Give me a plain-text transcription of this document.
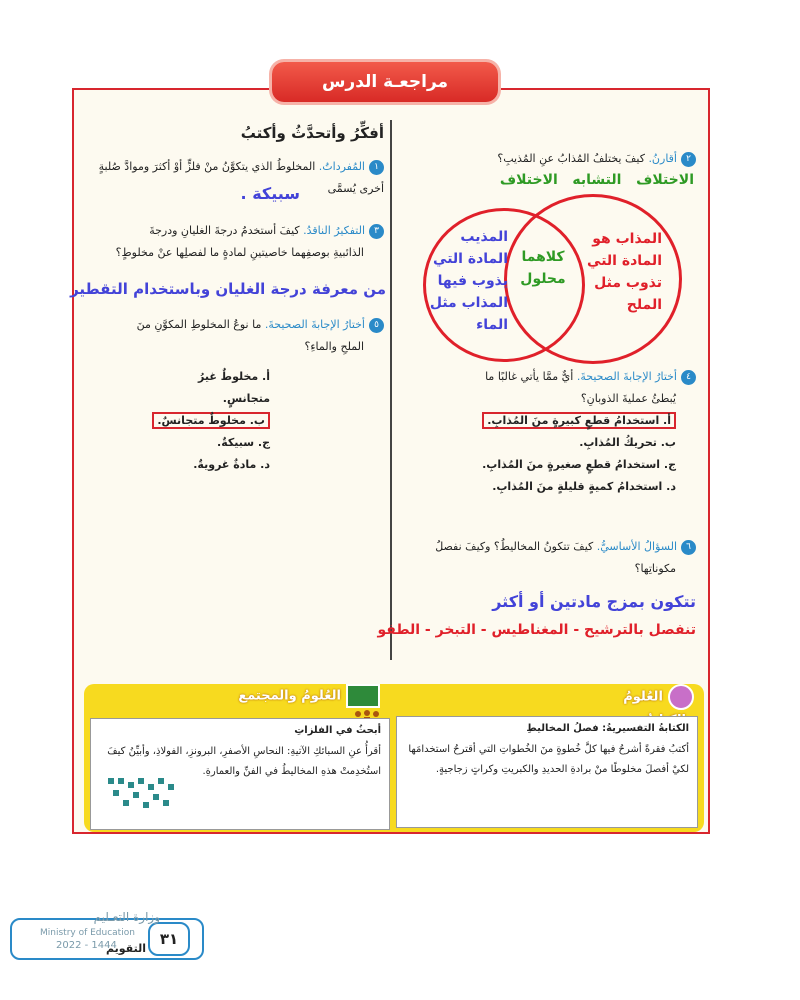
مراجعـة الدرس
٢أقارنُ. كيفَ يختلفُ المُذابُ عنِ المُذيبِ؟
الاختلاف   التشابه   الاختلاف
المذيب المادة التي يذوب فيها المذاب مثل الماء
كلاهما محلول
المذاب هو المادة التي تذوب مثل الملح
٤أختارُ الإجابةَ الصحيحةَ. أيٌّ ممَّا يأتي غالبًا ما
يُبطئُ عمليةَ الذوبانِ؟
أ. استخدامُ قطعٍ كبيرةٍ منَ المُذابِ.
ب. تحريكُ المُذابِ.
ج. استخدامُ قطعٍ صغيرةٍ منَ المُذابِ.
د. استخدامُ كميةٍ قليلةٍ منَ المُذابِ.
٦السؤالُ الأساسيُّ. كيفَ تتكونُ المخاليطُ؟ وكيفَ نفصلُ
مكوناتِها؟
تتكون بمزج مادتين أو أكثر
تنفصل بالترشيح - المغناطيس - التبخر - الطفو
أفكِّرُ وأتحدَّثُ وأكتبُ
١المُفرداتُ. المخلوطُ الذي يتكوَّنُ منْ فلزٍّ أوْ أكثرَ وموادَّ صُلبةٍ أخرى يُسمَّى
سبيكة .
٣التفكيرُ الناقدُ. كيفَ أستخدمُ درجةَ الغليانِ ودرجةَ
الذائبيةِ بوصفِهما خاصيتينِ لمادةٍ ما لفصلِها عنْ مخلوطٍ؟
من معرفة درجة الغليان وباستخدام التقطير
٥أختارُ الإجابةَ الصحيحةَ. ما نوعُ المخلوطِ المكوَّنِ منَ
الملحِ والماءِ؟
أ. مخلوطٌ غيرُ متجانسٍ.
ب. مخلوطٌ متجانسٌ.
ج. سبيكةٌ.
د. مادةٌ غرويةٌ.
العُلومُ
الكتابةُ التفسيريةُ: فصلُ المخاليطِ
أكتبُ فقرةً أشرحُ فيها كلَّ خُطوةٍ منَ الخُطواتِ التي أقترحُ استخدامَها لكيْ أفصلَ مخلوطًا منْ برادةِ الحديدِ والكبريتِ وكراتٍ زجاجيةٍ.
العُلومُ والمجتمع
أبحثُ في الفلزاتِ
أقرأُ عنِ السبائكِ الآتيةِ: النحاسِ الأصفرِ، البرونزِ، الفولاذِ، وأبيِّنُ كيفَ استُخدِمتْ هذهِ المخاليطُ في الفنِّ والعمارةِ.
٣١
التقويم
وزارة التعـليم
Ministry of Education
2022 - 1444
